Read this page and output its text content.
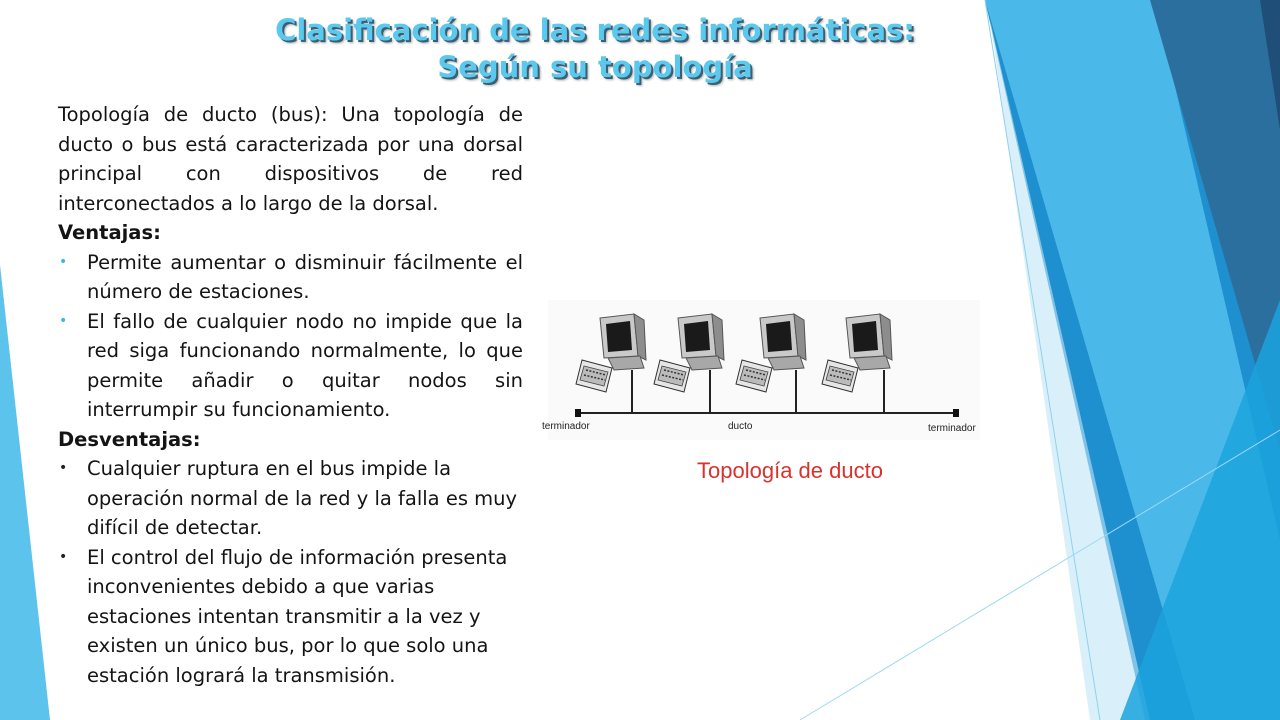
Clasificación de las redes informáticas:
Según su topología

Topología de ducto (bus): Una topología de ducto o bus está caracterizada por una dorsal principal con dispositivos de red interconectados a lo largo de la dorsal.

Ventajas:

• Permite aumentar o disminuir fácilmente el número de estaciones.
• El fallo de cualquier nodo no impide que la red siga funcionando normalmente, lo que permite añadir o quitar nodos sin interrumpir su funcionamiento.

Desventajas:

• Cualquier ruptura en el bus impide la operación normal de la red y la falla es muy difícil de detectar.
• El control del flujo de información presenta inconvenientes debido a que varias estaciones intentan transmitir a la vez y existen un único bus, por lo que solo una estación logrará la transmisión.
terminador	ducto	terminador
Topología de ducto
